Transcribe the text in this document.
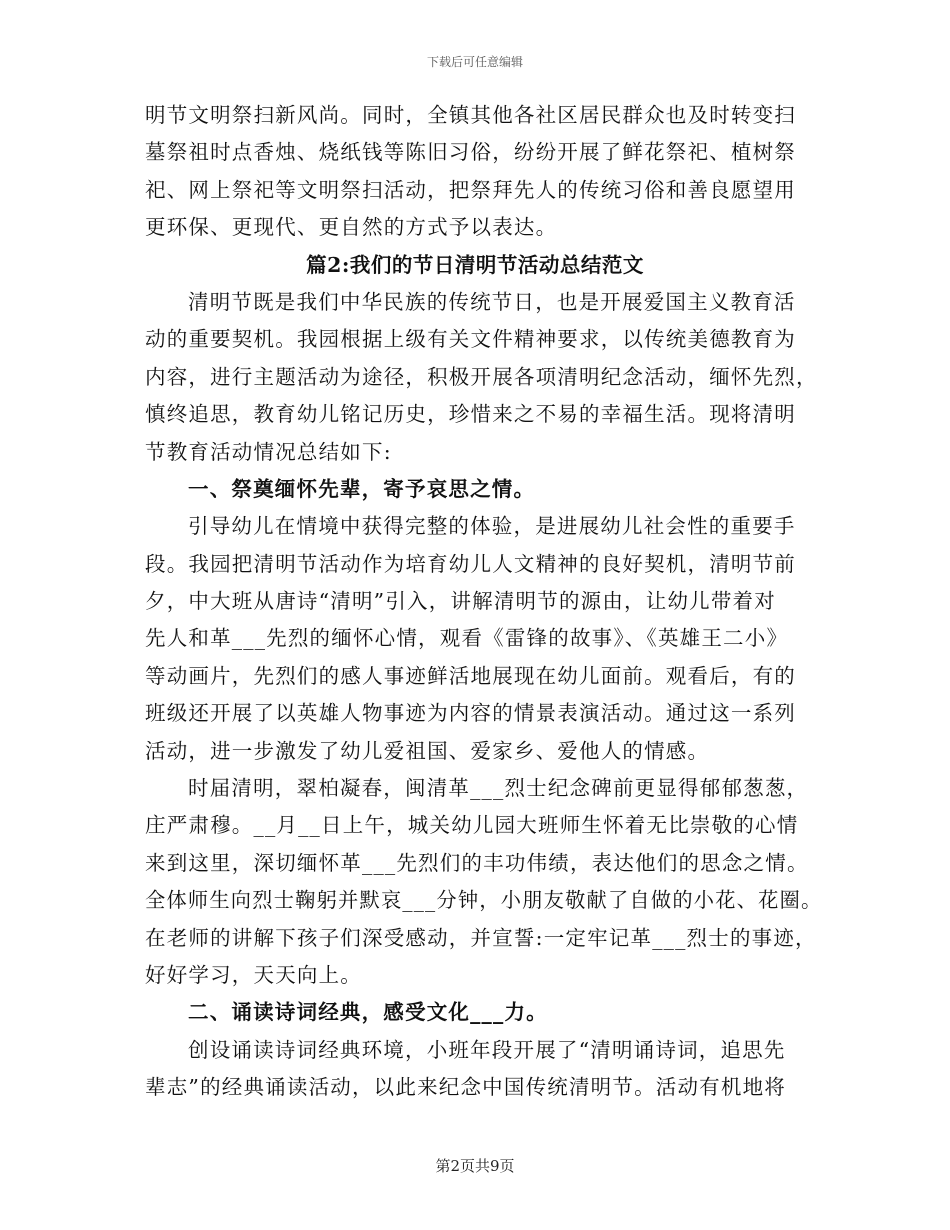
下载后可任意编辑
明节文明祭扫新风尚。同时，全镇其他各社区居民群众也及时转变扫
墓祭祖时点香烛、烧纸钱等陈旧习俗，纷纷开展了鲜花祭祀、植树祭
祀、网上祭祀等文明祭扫活动，把祭拜先人的传统习俗和善良愿望用
更环保、更现代、更自然的方式予以表达。
篇2:我们的节日清明节活动总结范文
清明节既是我们中华民族的传统节日，也是开展爱国主义教育活
动的重要契机。我园根据上级有关文件精神要求，以传统美德教育为
内容，进行主题活动为途径，积极开展各项清明纪念活动，缅怀先烈，
慎终追思，教育幼儿铭记历史，珍惜来之不易的幸福生活。现将清明
节教育活动情况总结如下:
一、祭奠缅怀先辈，寄予哀思之情。
引导幼儿在情境中获得完整的体验，是进展幼儿社会性的重要手
段。我园把清明节活动作为培育幼儿人文精神的良好契机，清明节前
夕，中大班从唐诗“清明”引入，讲解清明节的源由，让幼儿带着对
先人和革___先烈的缅怀心情，观看《雷锋的故事》、《英雄王二小》
等动画片，先烈们的感人事迹鲜活地展现在幼儿面前。观看后，有的
班级还开展了以英雄人物事迹为内容的情景表演活动。通过这一系列
活动，进一步激发了幼儿爱祖国、爱家乡、爱他人的情感。
时届清明，翠柏凝春，闽清革___烈士纪念碑前更显得郁郁葱葱，
庄严肃穆。__月__日上午，城关幼儿园大班师生怀着无比崇敬的心情
来到这里，深切缅怀革___先烈们的丰功伟绩，表达他们的思念之情。
全体师生向烈士鞠躬并默哀___分钟，小朋友敬献了自做的小花、花圈。
在老师的讲解下孩子们深受感动，并宣誓:一定牢记革___烈士的事迹，
好好学习，天天向上。
二、诵读诗词经典，感受文化___力。
创设诵读诗词经典环境，小班年段开展了“清明诵诗词，追思先
辈志”的经典诵读活动，以此来纪念中国传统清明节。活动有机地将
第2页共9页
